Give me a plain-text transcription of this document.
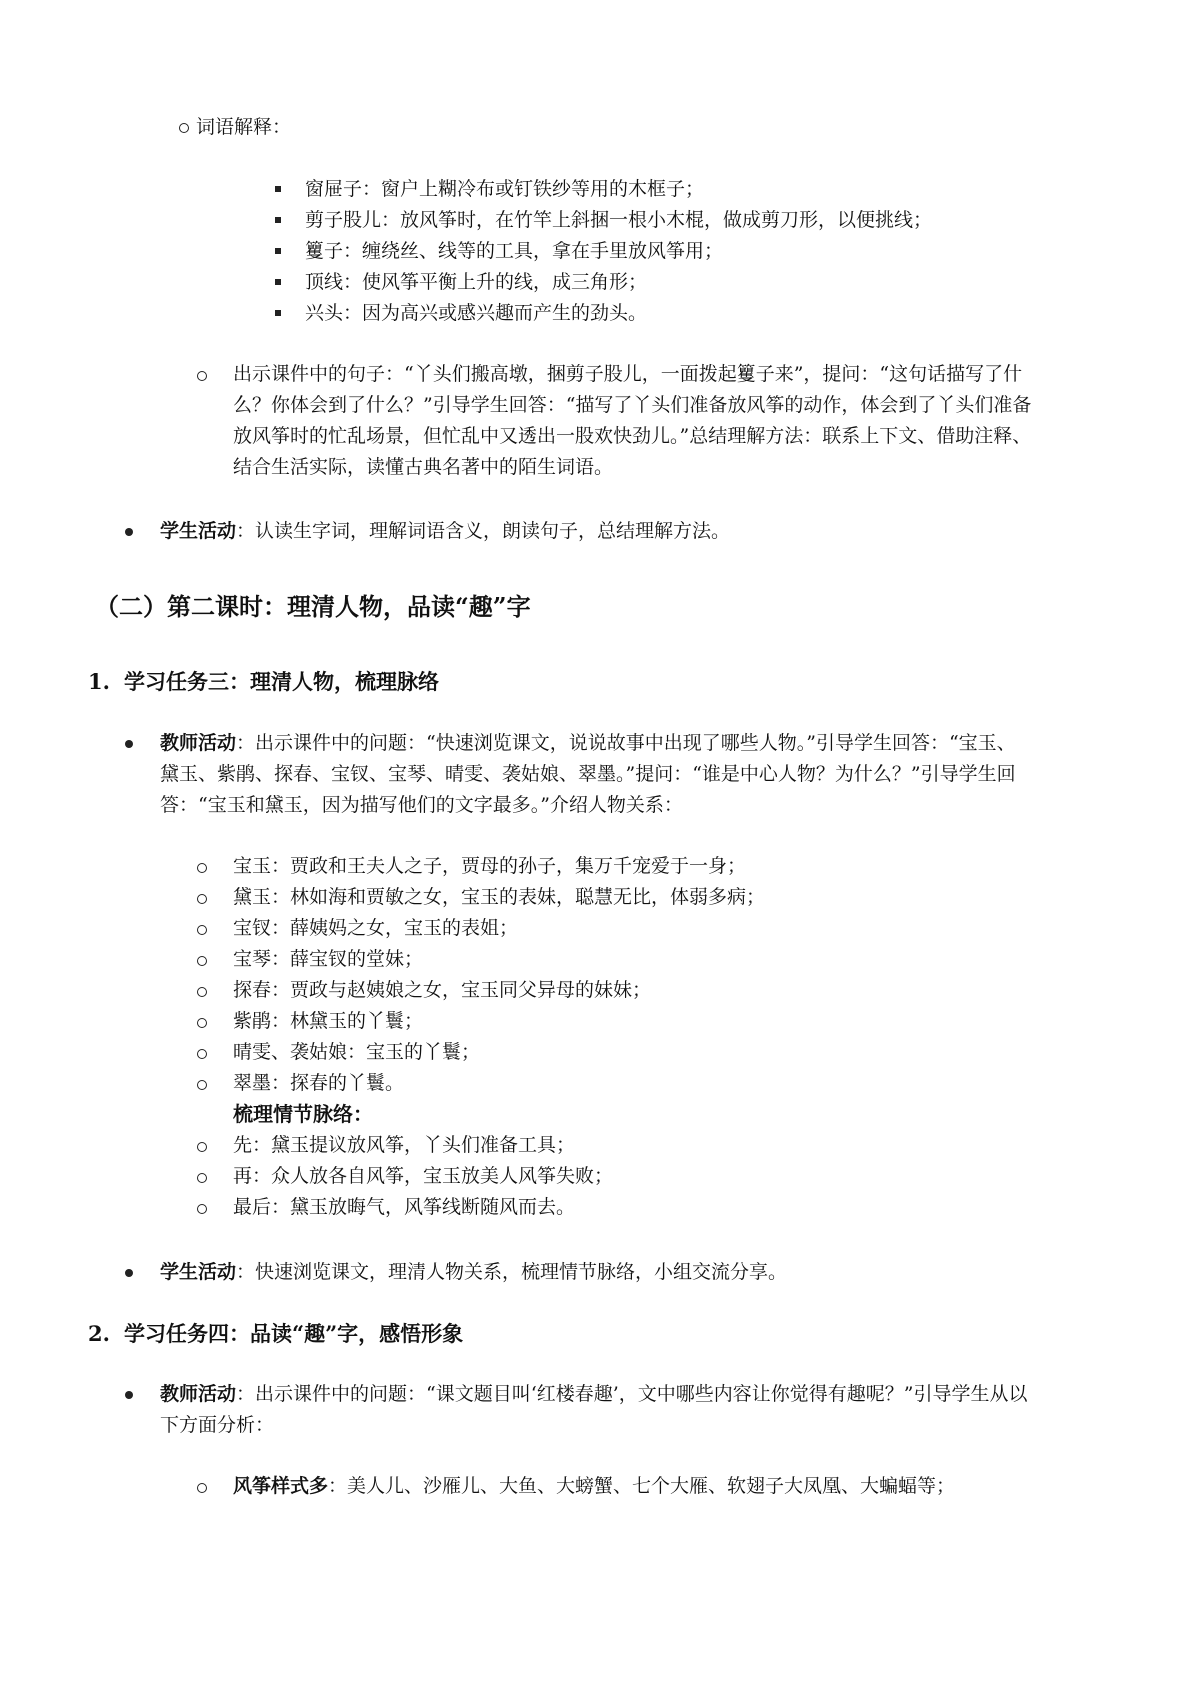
词语解释：
窗屉子：窗户上糊冷布或钉铁纱等用的木框子；
剪子股儿：放风筝时，在竹竿上斜捆一根小木棍，做成剪刀形，以便挑线；
籰子：缠绕丝、线等的工具，拿在手里放风筝用；
顶线：使风筝平衡上升的线，成三角形；
兴头：因为高兴或感兴趣而产生的劲头。
出示课件中的句子：“丫头们搬高墩，捆剪子股儿，一面拨起籰子来”，提问：“这句话描写了什
么？你体会到了什么？”引导学生回答：“描写了丫头们准备放风筝的动作，体会到了丫头们准备
放风筝时的忙乱场景，但忙乱中又透出一股欢快劲儿。”总结理解方法：联系上下文、借助注释、
结合生活实际，读懂古典名著中的陌生词语。
学生活动：认读生字词，理解词语含义，朗读句子，总结理解方法。
（二）第二课时：理清人物，品读“趣”字
1. 学习任务三：理清人物，梳理脉络
教师活动：出示课件中的问题：“快速浏览课文，说说故事中出现了哪些人物。”引导学生回答：“宝玉、
黛玉、紫鹃、探春、宝钗、宝琴、晴雯、袭姑娘、翠墨。”提问：“谁是中心人物？为什么？”引导学生回
答：“宝玉和黛玉，因为描写他们的文字最多。”介绍人物关系：
宝玉：贾政和王夫人之子，贾母的孙子，集万千宠爱于一身；
黛玉：林如海和贾敏之女，宝玉的表妹，聪慧无比，体弱多病；
宝钗：薛姨妈之女，宝玉的表姐；
宝琴：薛宝钗的堂妹；
探春：贾政与赵姨娘之女，宝玉同父异母的妹妹；
紫鹃：林黛玉的丫鬟；
晴雯、袭姑娘：宝玉的丫鬟；
翠墨：探春的丫鬟。
梳理情节脉络：
先：黛玉提议放风筝，丫头们准备工具；
再：众人放各自风筝，宝玉放美人风筝失败；
最后：黛玉放晦气，风筝线断随风而去。
学生活动：快速浏览课文，理清人物关系，梳理情节脉络，小组交流分享。
2. 学习任务四：品读“趣”字，感悟形象
教师活动：出示课件中的问题：“课文题目叫‘红楼春趣’，文中哪些内容让你觉得有趣呢？”引导学生从以
下方面分析：
风筝样式多：美人儿、沙雁儿、大鱼、大螃蟹、七个大雁、软翅子大凤凰、大蝙蝠等；
